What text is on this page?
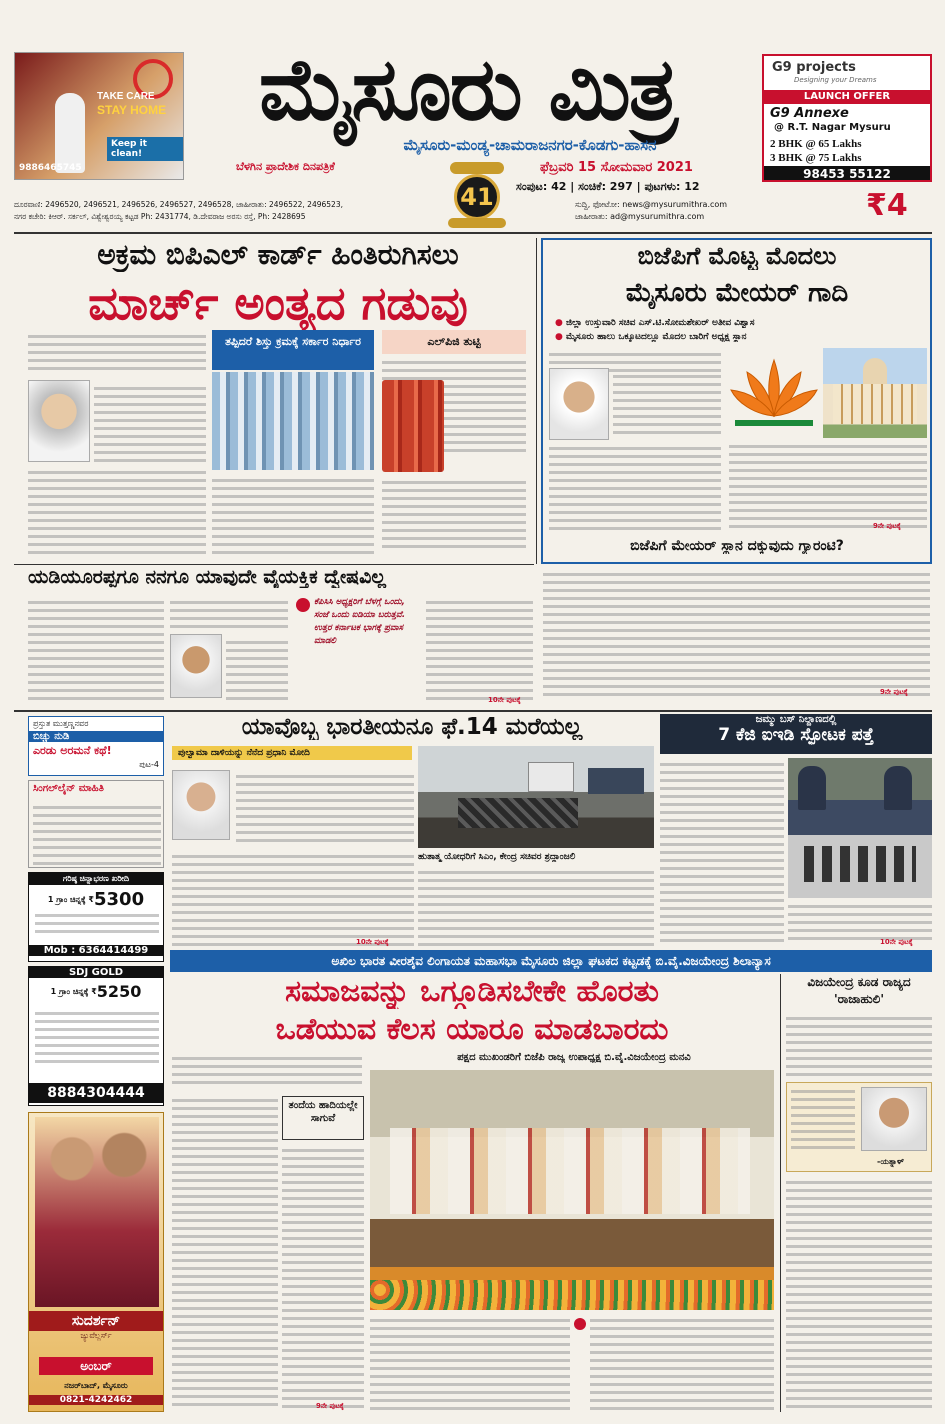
TAKE CARE
STAY HOME
Keep it clean!
9886465745
ಮೈಸೂರು ಮಿತ್ರ
ಮೈಸೂರು-ಮಂಡ್ಯ-ಚಾಮರಾಜನಗರ-ಕೊಡಗು-ಹಾಸನ
ಬೆಳಗಿನ ಪ್ರಾದೇಶಿಕ ದಿನಪತ್ರಿಕೆ
41
ಫೆಬ್ರವರಿ 15 ಸೋಮವಾರ 2021
ಸಂಪುಟ: 42 | ಸಂಚಿಕೆ: 297 | ಪುಟಗಳು: 12
ಸುದ್ದಿ, ಫೋಟೋ: news@mysurumithra.com
ಜಾಹೀರಾತು: ad@mysurumithra.com	₹4
ದೂರವಾಣಿ: 2496520, 2496521, 2496526, 2496527, 2496528, ಜಾಹೀರಾತು: 2496522, 2496523,
ನಗರ ಕಚೇರಿ: ಕಿಆರ್. ಸರ್ಕಲ್, ವಿಶ್ವೇಶ್ವರಯ್ಯ ಕಟ್ಟಡ Ph: 2431774, ಡಿ.ದೇವರಾಜ ಅರಸು ರಸ್ತೆ, Ph: 2428695
G9 projects
Designing your Dreams
LAUNCH OFFER
G9 Annexe
@ R.T. Nagar Mysuru
2 BHK @ 65 Lakhs
3 BHK @ 75 Lakhs
98453 55122
ಅಕ್ರಮ ಬಿಪಿಎಲ್ ಕಾರ್ಡ್ ಹಿಂತಿರುಗಿಸಲು
ಮಾರ್ಚ್ ಅಂತ್ಯದ ಗಡುವು
ತಪ್ಪಿದರೆ ಶಿಸ್ತು ಕ್ರಮಕ್ಕೆ ಸರ್ಕಾರ ನಿರ್ಧಾರ	ಎಲ್‌ಪಿಜಿ ತುಟ್ಟಿ
ಬಿಜೆಪಿಗೆ ಮೊಟ್ಟ ಮೊದಲು
ಮೈಸೂರು ಮೇಯರ್ ಗಾದಿ
● ಜಿಲ್ಲಾ ಉಸ್ತುವಾರಿ ಸಚಿವ ಎಸ್.ಟಿ.ಸೋಮಶೇಖರ್ ಅತೀವ ವಿಶ್ವಾಸ
● ಮೈಸೂರು ಹಾಲು ಒಕ್ಕೂಟದಲ್ಲೂ ಮೊದಲ ಬಾರಿಗೆ ಅಧ್ಯಕ್ಷ ಸ್ಥಾನ
9ನೇ ಪುಟಕ್ಕೆ
ಬಿಜೆಪಿಗೆ ಮೇಯರ್ ಸ್ಥಾನ ದಕ್ಕುವುದು ಗ್ಯಾರಂಟಿ?
9ನೇ ಪುಟಕ್ಕೆ
ಯಡಿಯೂರಪ್ಪಗೂ ನನಗೂ ಯಾವುದೇ ವೈಯಕ್ತಿಕ ದ್ವೇಷವಿಲ್ಲ
ಕೆಪಿಸಿಸಿ ಅಧ್ಯಕ್ಷರಿಗೆ ಬೆಳಗ್ಗೆ ಒಂದು, ಸಂಜೆ ಒಂದು ಐಡಿಯಾ ಬರುತ್ತವೆ. ಉತ್ತರ ಕರ್ನಾಟಕ ಭಾಗಕ್ಕೆ ಪ್ರವಾಸ ಮಾಡಲಿ
10ನೇ ಪುಟಕ್ಕೆ
ಪ್ರಸ್ತುತ ಮುತ್ತಣ್ಣನವರ
ಬಿಚ್ಚು ನುಡಿ
ಎರಡು ಅರಮನೆ ಕಥೆ!
ಪುಟ-4
ಸಿಂಗಲ್‌ಲೈನ್ ಮಾಹಿತಿ
ಗರಿಷ್ಠ ಚಿನ್ನಾಭರಣ ಖರೀದಿ
1 ಗ್ರಾಂ ಚಿನ್ನಕ್ಕೆ ₹ 5300
Mob : 6364414499
SDJ GOLD
1 ಗ್ರಾಂ ಚಿನ್ನಕ್ಕೆ ₹ 5250
8884304444
ಸುದರ್ಶನ್
ಜ್ಯುವೆಲ್ಲರ್ಸ್
ಅಂಬರ್
ನಜರ್‌ಬಾದ್, ಮೈಸೂರು
0821-4242462
ಯಾವೊಬ್ಬ ಭಾರತೀಯನೂ ಫೆ.14 ಮರೆಯಲ್ಲ
ಪುಲ್ವಾಮಾ ದಾಳಿಯನ್ನು ನೆನೆದ ಪ್ರಧಾನಿ ಮೋದಿ
ಹುತಾತ್ಮ ಯೋಧರಿಗೆ ಸಿಎಂ, ಕೇಂದ್ರ ಸಚಿವರ ಶ್ರದ್ಧಾಂಜಲಿ
10ನೇ ಪುಟಕ್ಕೆ
ಜಮ್ಮು ಬಸ್ ನಿಲ್ದಾಣದಲ್ಲಿ
7 ಕೆಜಿ ಐಇಡಿ ಸ್ಫೋಟಕ ಪತ್ತೆ
10ನೇ ಪುಟಕ್ಕೆ
ಅಖಿಲ ಭಾರತ ವೀರಶೈವ ಲಿಂಗಾಯತ ಮಹಾಸಭಾ ಮೈಸೂರು ಜಿಲ್ಲಾ ಘಟಕದ ಕಟ್ಟಡಕ್ಕೆ ಬಿ.ವೈ.ವಿಜಯೇಂದ್ರ ಶಿಲಾನ್ಯಾಸ
ಸಮಾಜವನ್ನು ಒಗ್ಗೂಡಿಸಬೇಕೇ ಹೊರತು
ಒಡೆಯುವ ಕೆಲಸ ಯಾರೂ ಮಾಡಬಾರದು
ಪಕ್ಷದ ಮುಖಂಡರಿಗೆ ಬಿಜೆಪಿ ರಾಜ್ಯ ಉಪಾಧ್ಯಕ್ಷ ಬಿ.ವೈ.ವಿಜಯೇಂದ್ರ ಮನವಿ
ತಂದೆಯ ಹಾದಿಯಲ್ಲೇ ಸಾಗುವೆ
9ನೇ ಪುಟಕ್ಕೆ
ವಿಜಯೇಂದ್ರ ಕೂಡ ರಾಜ್ಯದ 'ರಾಜಾಹುಲಿ'
-ಯತ್ನಾಳ್
